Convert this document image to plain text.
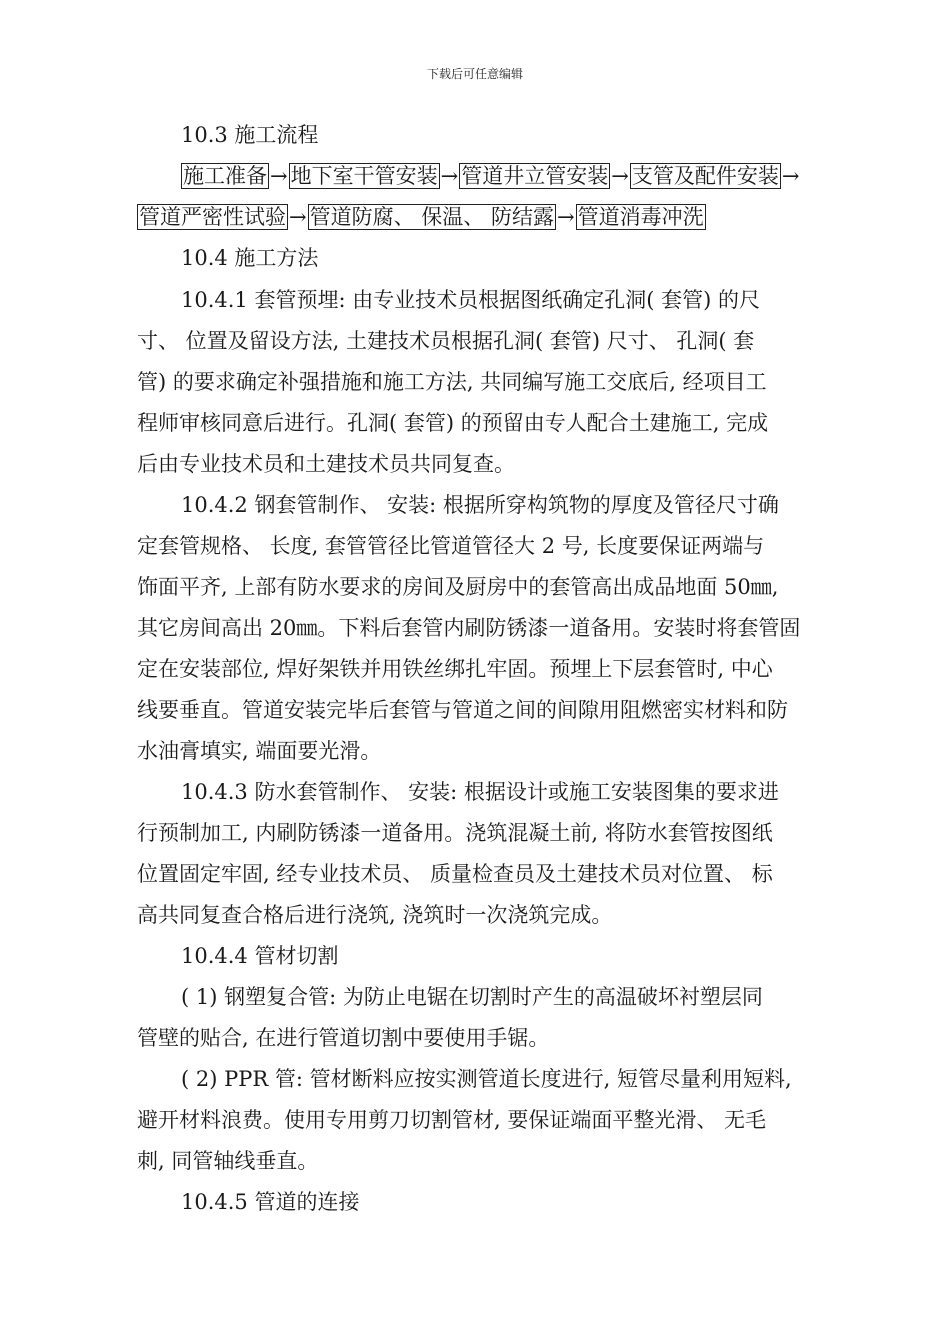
下载后可任意编辑
10.3 施工流程
施工准备 → 地下室干管安装 → 管道井立管安装 → 支管及配件安装 →
管道严密性试验 → 管道防腐、 保温、 防结露 → 管道消毒冲洗
10.4 施工方法
10.4.1 套管预埋: 由专业技术员根据图纸确定孔洞( 套管) 的尺
寸、 位置及留设方法, 土建技术员根据孔洞( 套管) 尺寸、 孔洞( 套
管) 的要求确定补强措施和施工方法, 共同编写施工交底后, 经项目工
程师审核同意后进行。孔洞( 套管) 的预留由专人配合土建施工, 完成
后由专业技术员和土建技术员共同复查。
10.4.2 钢套管制作、 安装: 根据所穿构筑物的厚度及管径尺寸确
定套管规格、 长度, 套管管径比管道管径大 2 号, 长度要保证两端与
饰面平齐, 上部有防水要求的房间及厨房中的套管高出成品地面 50㎜,
其它房间高出 20㎜。下料后套管内刷防锈漆一道备用。安装时将套管固
定在安装部位, 焊好架铁并用铁丝绑扎牢固。预埋上下层套管时, 中心
线要垂直。管道安装完毕后套管与管道之间的间隙用阻燃密实材料和防
水油膏填实, 端面要光滑。
10.4.3 防水套管制作、 安装: 根据设计或施工安装图集的要求进
行预制加工, 内刷防锈漆一道备用。浇筑混凝土前, 将防水套管按图纸
位置固定牢固, 经专业技术员、 质量检查员及土建技术员对位置、 标
高共同复查合格后进行浇筑, 浇筑时一次浇筑完成。
10.4.4 管材切割
( 1) 钢塑复合管: 为防止电锯在切割时产生的高温破坏衬塑层同
管壁的贴合, 在进行管道切割中要使用手锯。
( 2) PPR 管: 管材断料应按实测管道长度进行, 短管尽量利用短料,
避开材料浪费。使用专用剪刀切割管材, 要保证端面平整光滑、 无毛
刺, 同管轴线垂直。
10.4.5 管道的连接
